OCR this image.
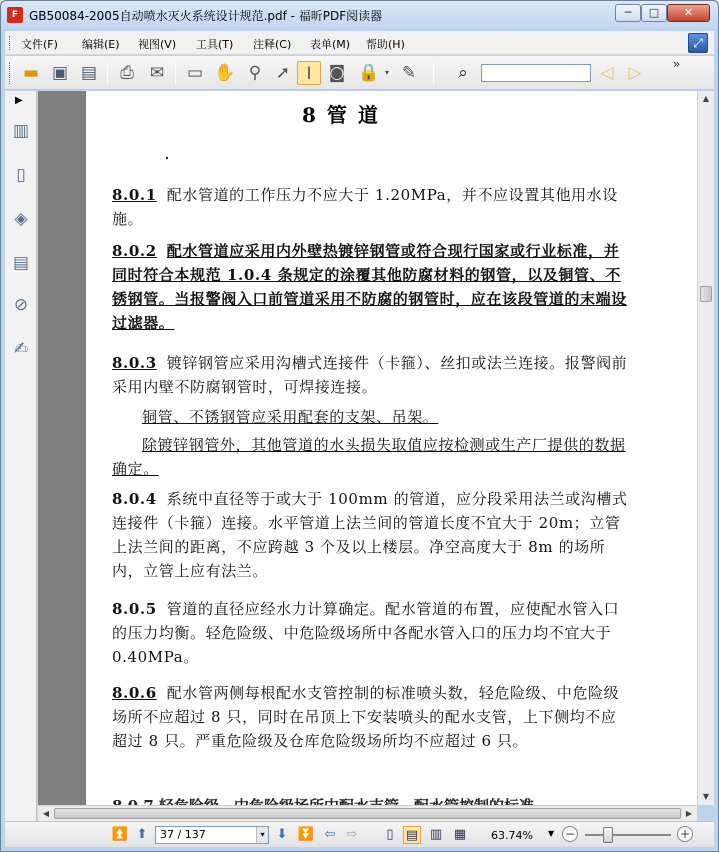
F GB50084-2005自动喷水灭火系统设计规范.pdf - 福昕PDF阅读器	─	□	✕
文件(F) 编辑(E) 视图(V) 工具(T) 注释(C) 表单(M) 帮助(H)	⤢
▬ ▣ ▤	⎙ ✉ ▭ ✋ ⚲ ➚ Ⅰ	◙ 🔒 ▾ ✎	⌕	◁ ▷	»
▶
▥
▯
◈
▤
⊘
✍
8 管 道
8.0.1 配水管道的工作压力不应大于 1.20MPa，并不应设置其他用水设施。
8.0.2 配水管道应采用内外壁热镀锌钢管或符合现行国家或行业标准，并同时符合本规范 1.0.4 条规定的涂覆其他防腐材料的钢管，以及铜管、不锈钢管。当报警阀入口前管道采用不防腐的钢管时，应在该段管道的末端设过滤器。
8.0.3 镀锌钢管应采用沟槽式连接件（卡箍）、丝扣或法兰连接。报警阀前采用内壁不防腐钢管时，可焊接连接。
铜管、不锈钢管应采用配套的支架、吊架。
除镀锌钢管外，其他管道的水头损失取值应按检测或生产厂提供的数据确定。
8.0.4 系统中直径等于或大于 100mm 的管道，应分段采用法兰或沟槽式连接件（卡箍）连接。水平管道上法兰间的管道长度不宜大于 20m；立管上法兰间的距离，不应跨越 3 个及以上楼层。净空高度大于 8m 的场所内，立管上应有法兰。
8.0.5 管道的直径应经水力计算确定。配水管道的布置，应使配水管入口的压力均衡。轻危险级、中危险级场所中各配水管入口的压力均不宜大于 0.40MPa。
8.0.6 配水管两侧每根配水支管控制的标准喷头数，轻危险级、中危险级场所不应超过 8 只，同时在吊顶上下安装喷头的配水支管，上下侧均不应超过 8 只。严重危险级及仓库危险级场所均不应超过 6 只。
▲
▼
◀	▶
⏫ ⬆	37 / 137	▾ ⬇ ⏬ ⇦ ⇨	▯ ▤ ▥ ▦ 63.74% ▼ −	+
